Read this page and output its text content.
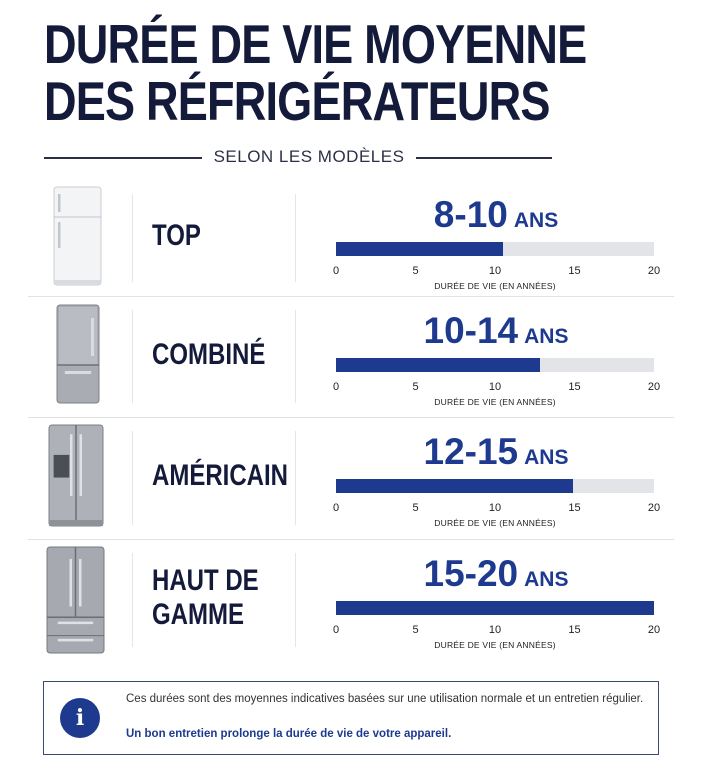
DURÉE DE VIE MOYENNE
DES RÉFRIGÉRATEURS
SELON LES MODÈLES
TOP
8-10 ANS
0	5	10	15	20
DURÉE DE VIE (EN ANNÉES)
COMBINÉ
10-14 ANS
0	5	10	15	20
DURÉE DE VIE (EN ANNÉES)
AMÉRICAIN
12-15 ANS
0	5	10	15	20
DURÉE DE VIE (EN ANNÉES)
HAUT DE
GAMME
15-20 ANS
0	5	10	15	20
DURÉE DE VIE (EN ANNÉES)
i
Ces durées sont des moyennes indicatives basées sur une utilisation normale et un entretien régulier.
Un bon entretien prolonge la durée de vie de votre appareil.
